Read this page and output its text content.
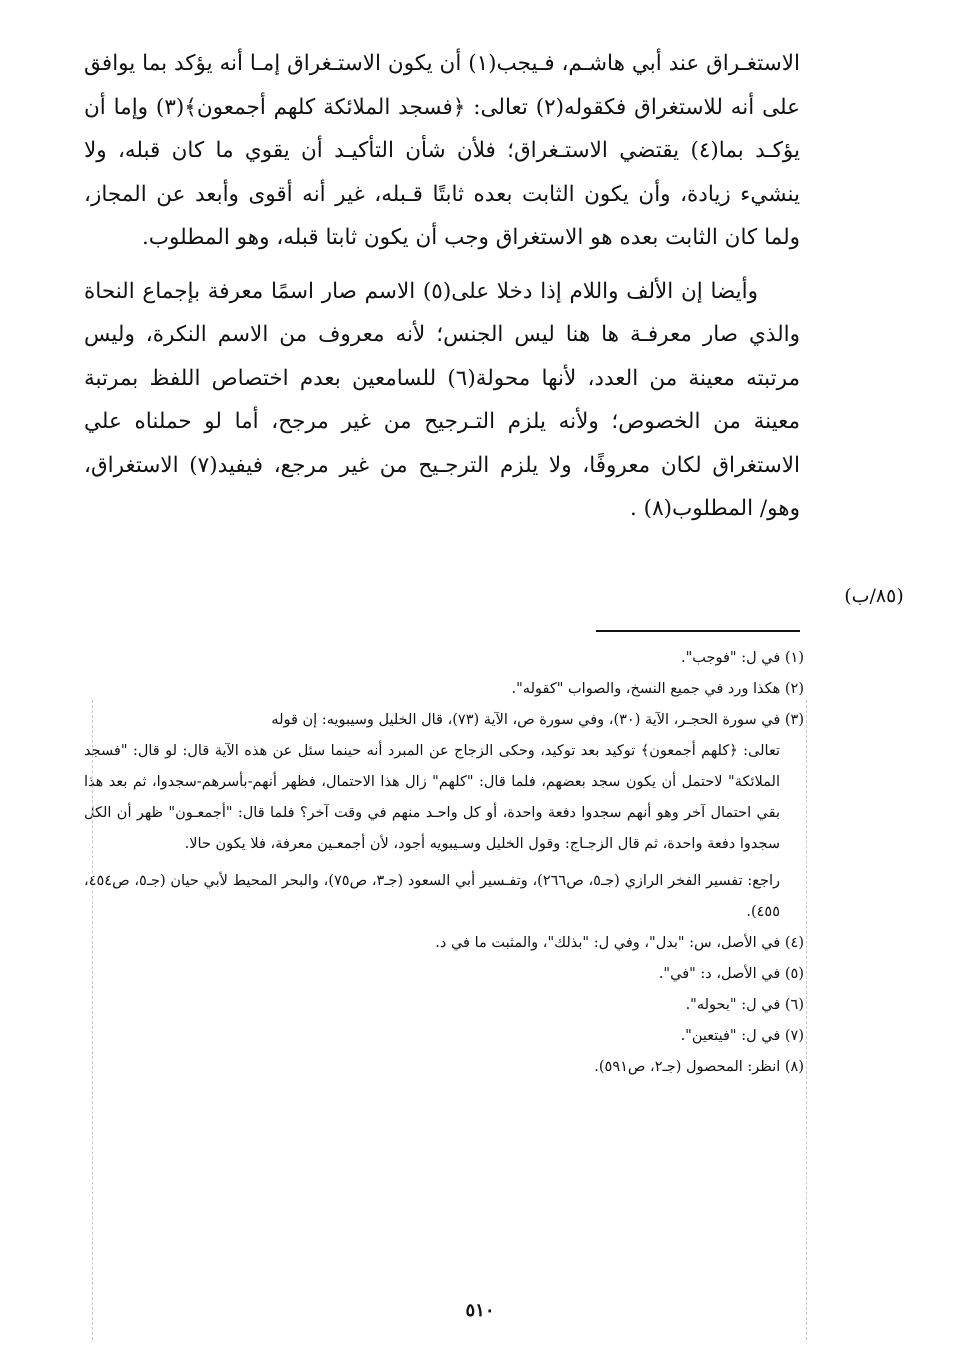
الاستغـراق عند أبي هاشـم، فـيجب(١) أن يكون الاستـغراق إمـا أنه يؤكد بما يوافق على أنه للاستغراق فكقوله(٢) تعالى: ﴿فسجد الملائكة كلهم أجمعون﴾(٣) وإما أن يؤكـد بما(٤) يقتضي الاستـغراق؛ فلأن شأن التأكيـد أن يقوي ما كان قبله، ولا ينشيء زيادة، وأن يكون الثابت بعده ثابتًا قـبله، غير أنه أقوى وأبعد عن المجاز، ولما كان الثابت بعده هو الاستغراق وجب أن يكون ثابتا قبله، وهو المطلوب.

وأيضا إن الألف واللام إذا دخلا على(٥) الاسم صار اسمًا معرفة بإجماع النحاة والذي صار معرفـة ها هنا ليس الجنس؛ لأنه معروف من الاسم النكرة، وليس مرتبته معينة من العدد، لأنها محولة(٦) للسامعين بعدم اختصاص اللفظ بمرتبة معينة من الخصوص؛ ولأنه يلزم التـرجيح من غير مرجح، أما لو حملناه علي الاستغراق لكان معروفًا، ولا يلزم الترجـيح من غير مرجع، فيفيد(٧) الاستغراق، وهو/ المطلوب(٨) .

(٨٥/ب)

(١) في ل: "فوجب".

(٢) هكذا ورد في جميع النسخ، والصواب "كقوله".

(٣) في سورة الحجـر، الآية (٣٠)، وفي سورة ص، الآية (٧٣)، قال الخليل وسيبويه: إن قوله

تعالى: ﴿كلهم أجمعون﴾ توكيد بعد توكيد، وحكى الزجاج عن المبرد أنه حينما سئل عن هذه الآية قال: لو قال: "فسجد الملائكة" لاحتمل أن يكون سجد بعضهم، فلما قال: "كلهم" زال هذا الاحتمال، فظهر أنهم-بأسرهم-سجدوا، ثم بعد هذا بقي احتمال آخر وهو أنهم سجدوا دفعة واحدة، أو كل واحـد منهم في وقت آخر؟ فلما قال: "أجمعـون" ظهر أن الكل سجدوا دفعة واحدة، ثم قال الزجـاج: وقول الخليل وسـيبويه أجود، لأن أجمعـين معرفة، فلا يكون حالا.

راجع: تفسير الفخر الرازي (جـ٥، ص٢٦٦)، وتفـسير أبي السعود (جـ٣، ص٧٥)، والبحر المحيط لأبي حيان (جـ٥، ص٤٥٤، ٤٥٥).

(٤) في الأصل، س: "بدل"، وفي ل: "بذلك"، والمثبت ما في د.

(٥) في الأصل، د: "في".

(٦) في ل: "بحوله".

(٧) في ل: "فيتعين".

(٨) انظر: المحصول (جـ٢، ص٥٩١).

٥١٠
